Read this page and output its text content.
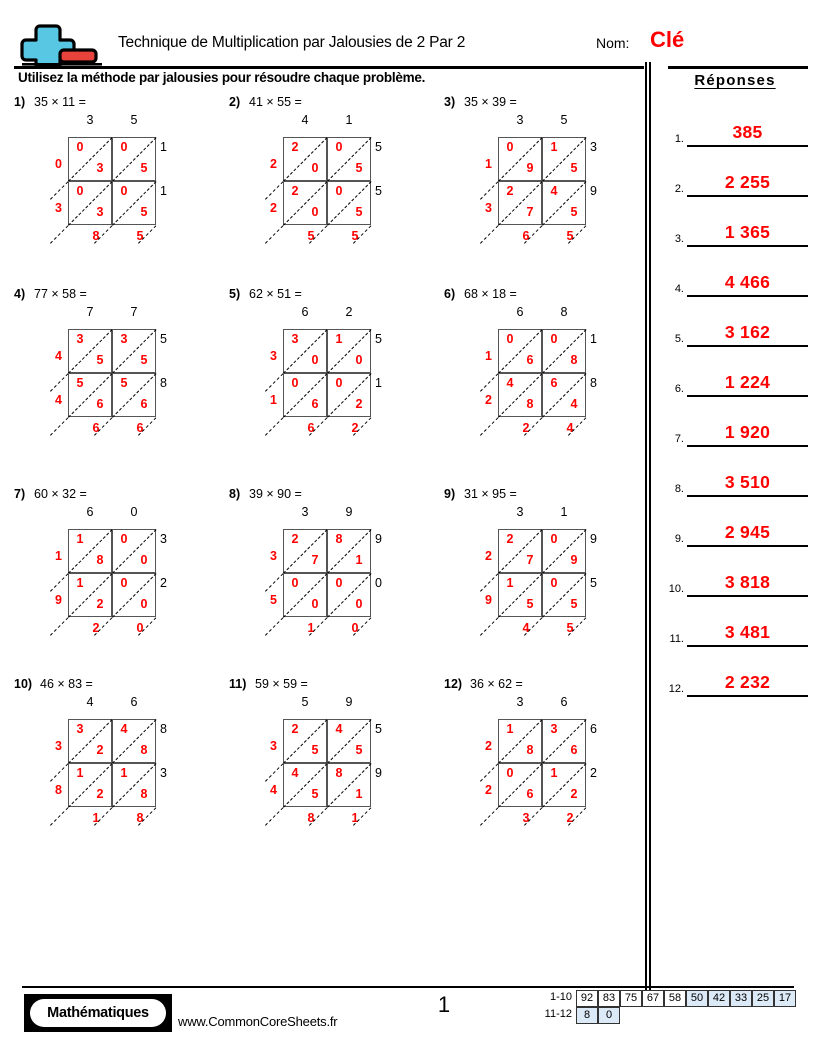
Technique de Multiplication par Jalousies de 2 Par 2	Nom: Clé
Utilisez la méthode par jalousies pour résoudre chaque problème.	Réponses
1.	385
2.	2 255
3.	1 365
4.	4 466
5.	3 162
6.	1 224
7.	1 920
8.	3 510
9.	2 945
10.	3 818
11.	3 481
12.	2 232
1) 35 × 11 =
3	5
1
1
0
3
8	5
0
3
0
5
0
3
0
5
2) 41 × 55 =
4	1
5
5
2
2
5	5
2
0
0
5
2
0
0
5
3) 35 × 39 =
3	5
3
9
1
3
6	5
0
9
1
5
2
7
4
5
4) 77 × 58 =
7	7
5
8
4
4
6	6
3
5
3
5
5
6
5
6
5) 62 × 51 =
6	2
5
1
3
1
6	2
3
0
1
0
0
6
0
2
6) 68 × 18 =
6	8
1
8
1
2
2	4
0
6
0
8
4
8
6
4
7) 60 × 32 =
6	0
3
2
1
9
2	0
1
8
0
0
1
2
0
0
8) 39 × 90 =
3	9
9
0
3
5
1	0
2
7
8
1
0
0
0
0
9) 31 × 95 =
3	1
9
5
2
9
4	5
2
7
0
9
1
5
0
5
10) 46 × 83 =
4	6
8
3
3
8
1	8
3
2
4
8
1
2
1
8
11) 59 × 59 =
5	9
5
9
3
4
8	1
2
5
4
5
4
5
8
1
12) 36 × 62 =
3	6
6
2
2
2
3	2
1
8
3
6
0
6
1
2
Mathématiques
www.CommonCoreSheets.fr
1	1-10 92 83 75 67 58 50 42 33 25 17
11-12	8	0
